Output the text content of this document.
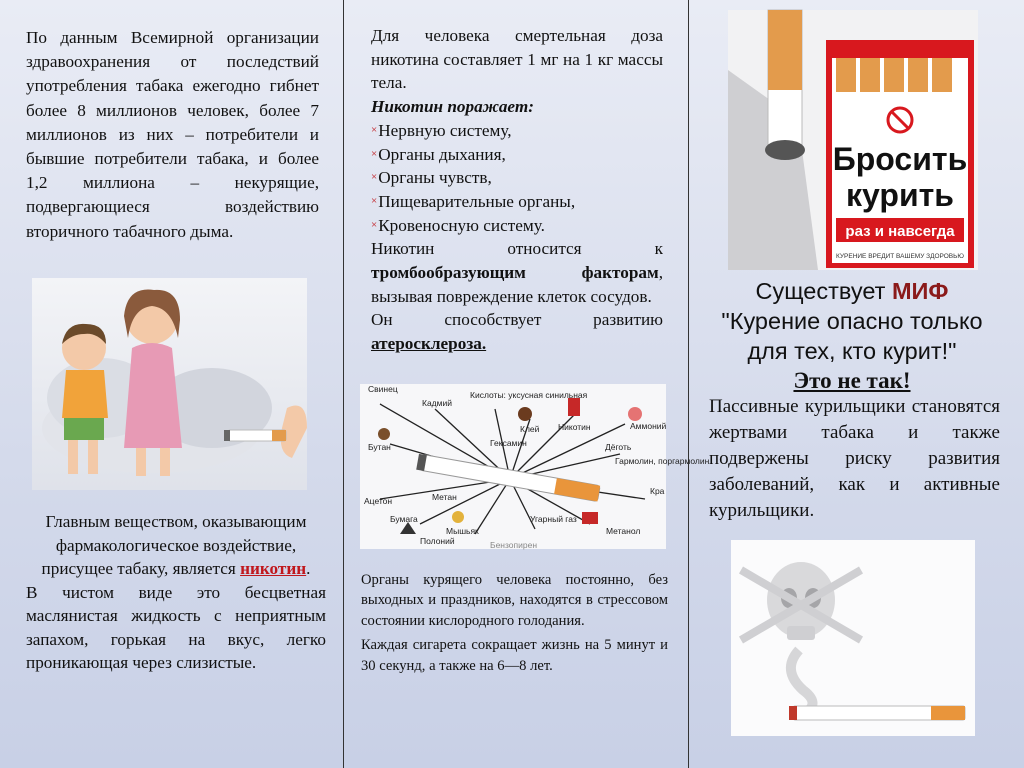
По данным Всемирной организации здравоохранения от последствий употребления табака ежегодно гибнет более 8 миллионов человек, более 7 миллионов из них – потребители и бывшие потребители табака, и более 1,2 миллиона – некурящие, подвергающиеся воздействию вторичного табачного дыма.

Главным веществом, оказывающим фармакологическое воздействие, присущее табаку, является никотин.

В чистом виде это бесцветная маслянистая жидкость с неприятным запахом, горькая на вкус, легко проникающая через слизистые.

Для человека смертельная доза никотина составляет 1 мг на 1 кг массы тела.

Никотин поражает:

×Нервную систему,
×Органы дыхания,
×Органы чувств,
×Пищеварительные органы,
×Кровеносную систему.

Никотин относится к тромбообразующим факторам, вызывая повреждение клеток сосудов.

Он способствует развитию атеросклероза.

Свинец
Кадмий
Кислоты: уксусная синильная
Клей Никотин	Аммоний
Бутан	Гексамин	Дёготь
Гармолин, поргармолин
Кра
Ацетон	Метан
Бумага
Мышьяк
Угарный газ
Метанол
Полоний	Бензопирен

Органы курящего человека постоянно, без выходных и праздников, находятся в стрессовом состоянии кислородного голодания.

Каждая сигарета сокращает жизнь на 5 минут и 30 секунд, а также на 6—8 лет.

Бросить
курить
раз и навсегда
КУРЕНИЕ ВРЕДИТ ВАШЕМУ ЗДОРОВЬЮ
Существует МИФ
"Курение опасно только для тех, кто курит!"
Это не так!

Пассивные курильщики становятся жертвами табака и также подвержены риску развития заболеваний, как и активные курильщики.
